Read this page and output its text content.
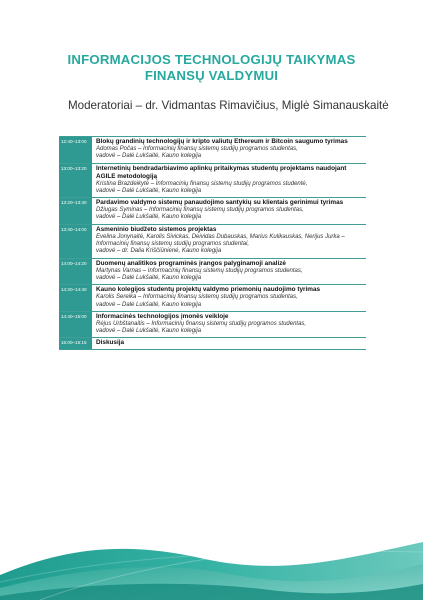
INFORMACIJOS TECHNOLOGIJŲ TAIKYMAS
FINANSŲ VALDYMUI
Moderatoriai – dr. Vidmantas Rimavičius, Miglė Simanauskaitė
12:40–13:00	Blokų grandinių technologijų ir kripto valiutų Ethereum ir Bitcoin saugumo tyrimas
Adomas Počas – Informacinių finansų sistemų studijų programos studentas,
vadovė – Dalė Lukšaitė, Kauno kolegija
13:00–13:20	Internetinių bendradarbiavimo aplinkų pritaikymas studentų projektams naudojant AGILE metodologiją
Kristina Brazdeikytė – Informacinių finansų sistemų studijų programos studentė,
vadovė – Dalė Lukšaitė, Kauno kolegija
13:20–13:40	Pardavimo valdymo sistemų panaudojimo santykių su klientais gerinimui tyrimas
Džiugas Syminas – Informacinių finansų sistemų studijų programos studentas,
vadovė – Dalė Lukšaitė, Kauno kolegija
13:40–14:00	Asmeninio biudžeto sistemos projektas
Evelina Jonynaitė, Karolis Sivickas, Deividas Dubauskas, Marius Kulikauskas, Nerijus Jurka –
Informacinių finansų sistemų studijų programos studentai,
vadovė – dr. Dalia Kriščiūnienė, Kauno kolegija
14:00–14:20	Duomenų analitikos programinės įrangos palyginamoji analizė
Martynas Varnas – Informacinių finansų sistemų studijų programos studentas,
vadovė – Dalė Lukšaitė, Kauno kolegija
14:20–14:40	Kauno kolegijos studentų projektų valdymo priemonių naudojimo tyrimas
Karolis Sereika – Informacinių finansų sistemų studijų programos studentas,
vadovė – Dalė Lukšaitė, Kauno kolegija
14:40–15:00	Informacinės technologijos įmonės veikloje
Rėjus Urbštanaitis – Informacinių finansų sistemų studijų programos studentas,
vadovė – Dalė Lukšaitė, Kauno kolegija
15:00–15:15	Diskusija
